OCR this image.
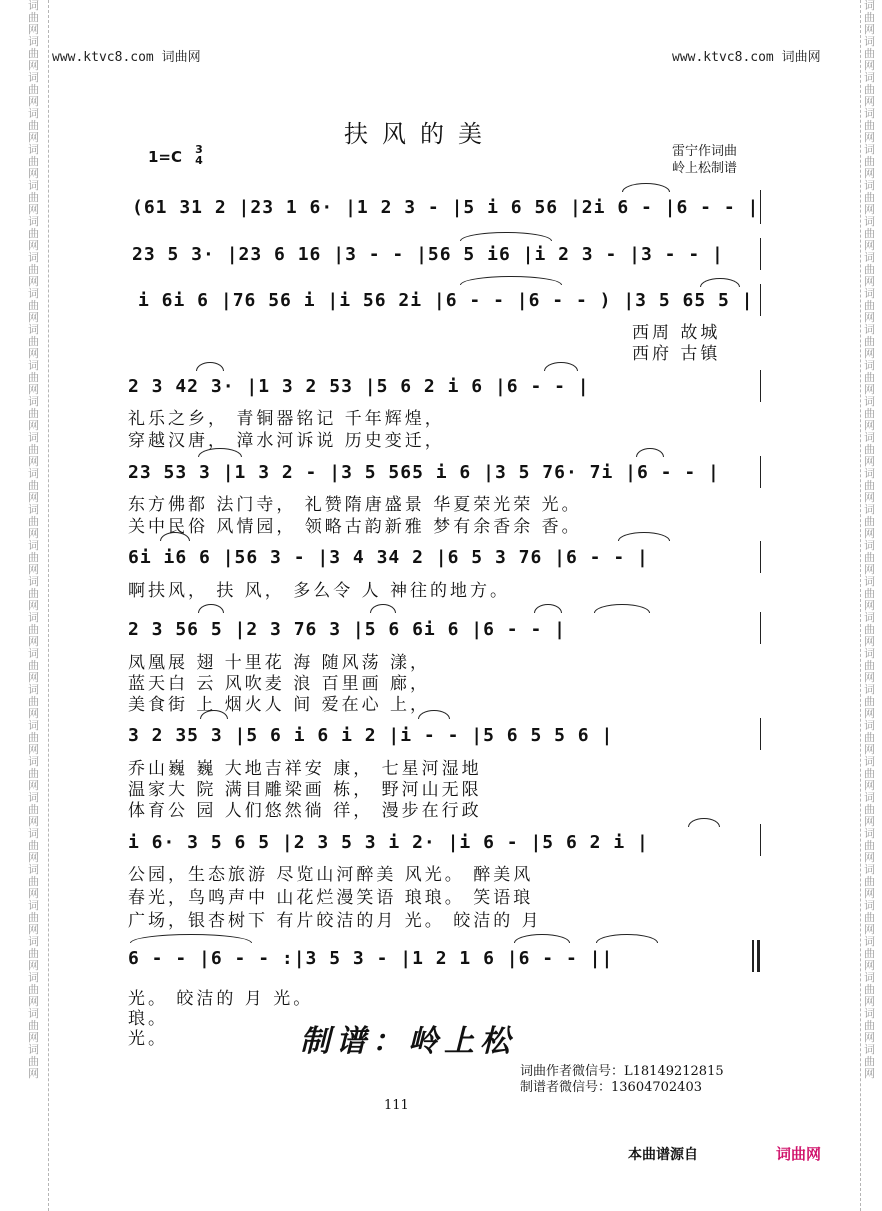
词曲网词曲网词曲网词曲网词曲网词曲网词曲网词曲网词曲网词曲网词曲网词曲网词曲网词曲网词曲网词曲网词曲网词曲网词曲网词曲网词曲网词曲网词曲网词曲网词曲网词曲网词曲网词曲网词曲网词曲网
词曲网词曲网词曲网词曲网词曲网词曲网词曲网词曲网词曲网词曲网词曲网词曲网词曲网词曲网词曲网词曲网词曲网词曲网词曲网词曲网词曲网词曲网词曲网词曲网词曲网词曲网词曲网词曲网词曲网词曲网
www.ktvc8.com 词曲网	www.ktvc8.com 词曲网
扶风的美
1=C 3
4
雷宁作词曲
岭上松制谱
(61 31 2 |23 1 6· |1 2 3 - |5 i 6 56 |2i 6 - |6 - - |
23 5 3· |23 6 16 |3 - - |56 5 i6 |i 2 3 - |3 - - |
i 6i 6 |76 56 i |i 56 2i |6 - - |6 - - ) |3 5 65 5 |
西周 故城
西府 古镇
2 3 42 3· |1 3 2 53 |5 6 2 i 6 |6 - - |
礼乐之乡， 青铜器铭记 千年辉煌，
穿越汉唐， 漳水河诉说 历史变迁，
23 53 3 |1 3 2 - |3 5 565 i 6 |3 5 76· 7i |6 - - |
东方佛都 法门寺， 礼赞隋唐盛景 华夏荣光荣 光。
关中民俗 风情园， 领略古韵新雅 梦有余香余 香。
6i i6 6 |56 3 - |3 4 34 2 |6 5 3 76 |6 - - |
啊扶风， 扶 风， 多么令 人 神往的地方。
2 3 56 5 |2 3 76 3 |5 6 6i 6 |6 - - |
凤凰展 翅 十里花 海 随风荡 漾，
蓝天白 云 风吹麦 浪 百里画 廊，
美食街 上 烟火人 间 爱在心 上，
3 2 35 3 |5 6 i 6 i 2 |i - - |5 6 5 5 6 |
乔山巍 巍 大地吉祥安 康， 七星河湿地
温家大 院 满目雕梁画 栋， 野河山无限
体育公 园 人们悠然徜 徉， 漫步在行政
i 6· 3 5 6 5 |2 3 5 3 i 2· |i 6 - |5 6 2 i |
公园，生态旅游 尽览山河醉美 风光。 醉美风
春光，鸟鸣声中 山花烂漫笑语 琅琅。 笑语琅
广场，银杏树下 有片皎洁的月 光。 皎洁的 月
6 - - |6 - - :|3 5 3 - |1 2 1 6 |6 - - ||
光。 皎洁的 月 光。
琅。
光。	制谱：岭上松
词曲作者微信号：L18149212815
制谱者微信号：13604702403
111
本曲谱源自	词曲网
